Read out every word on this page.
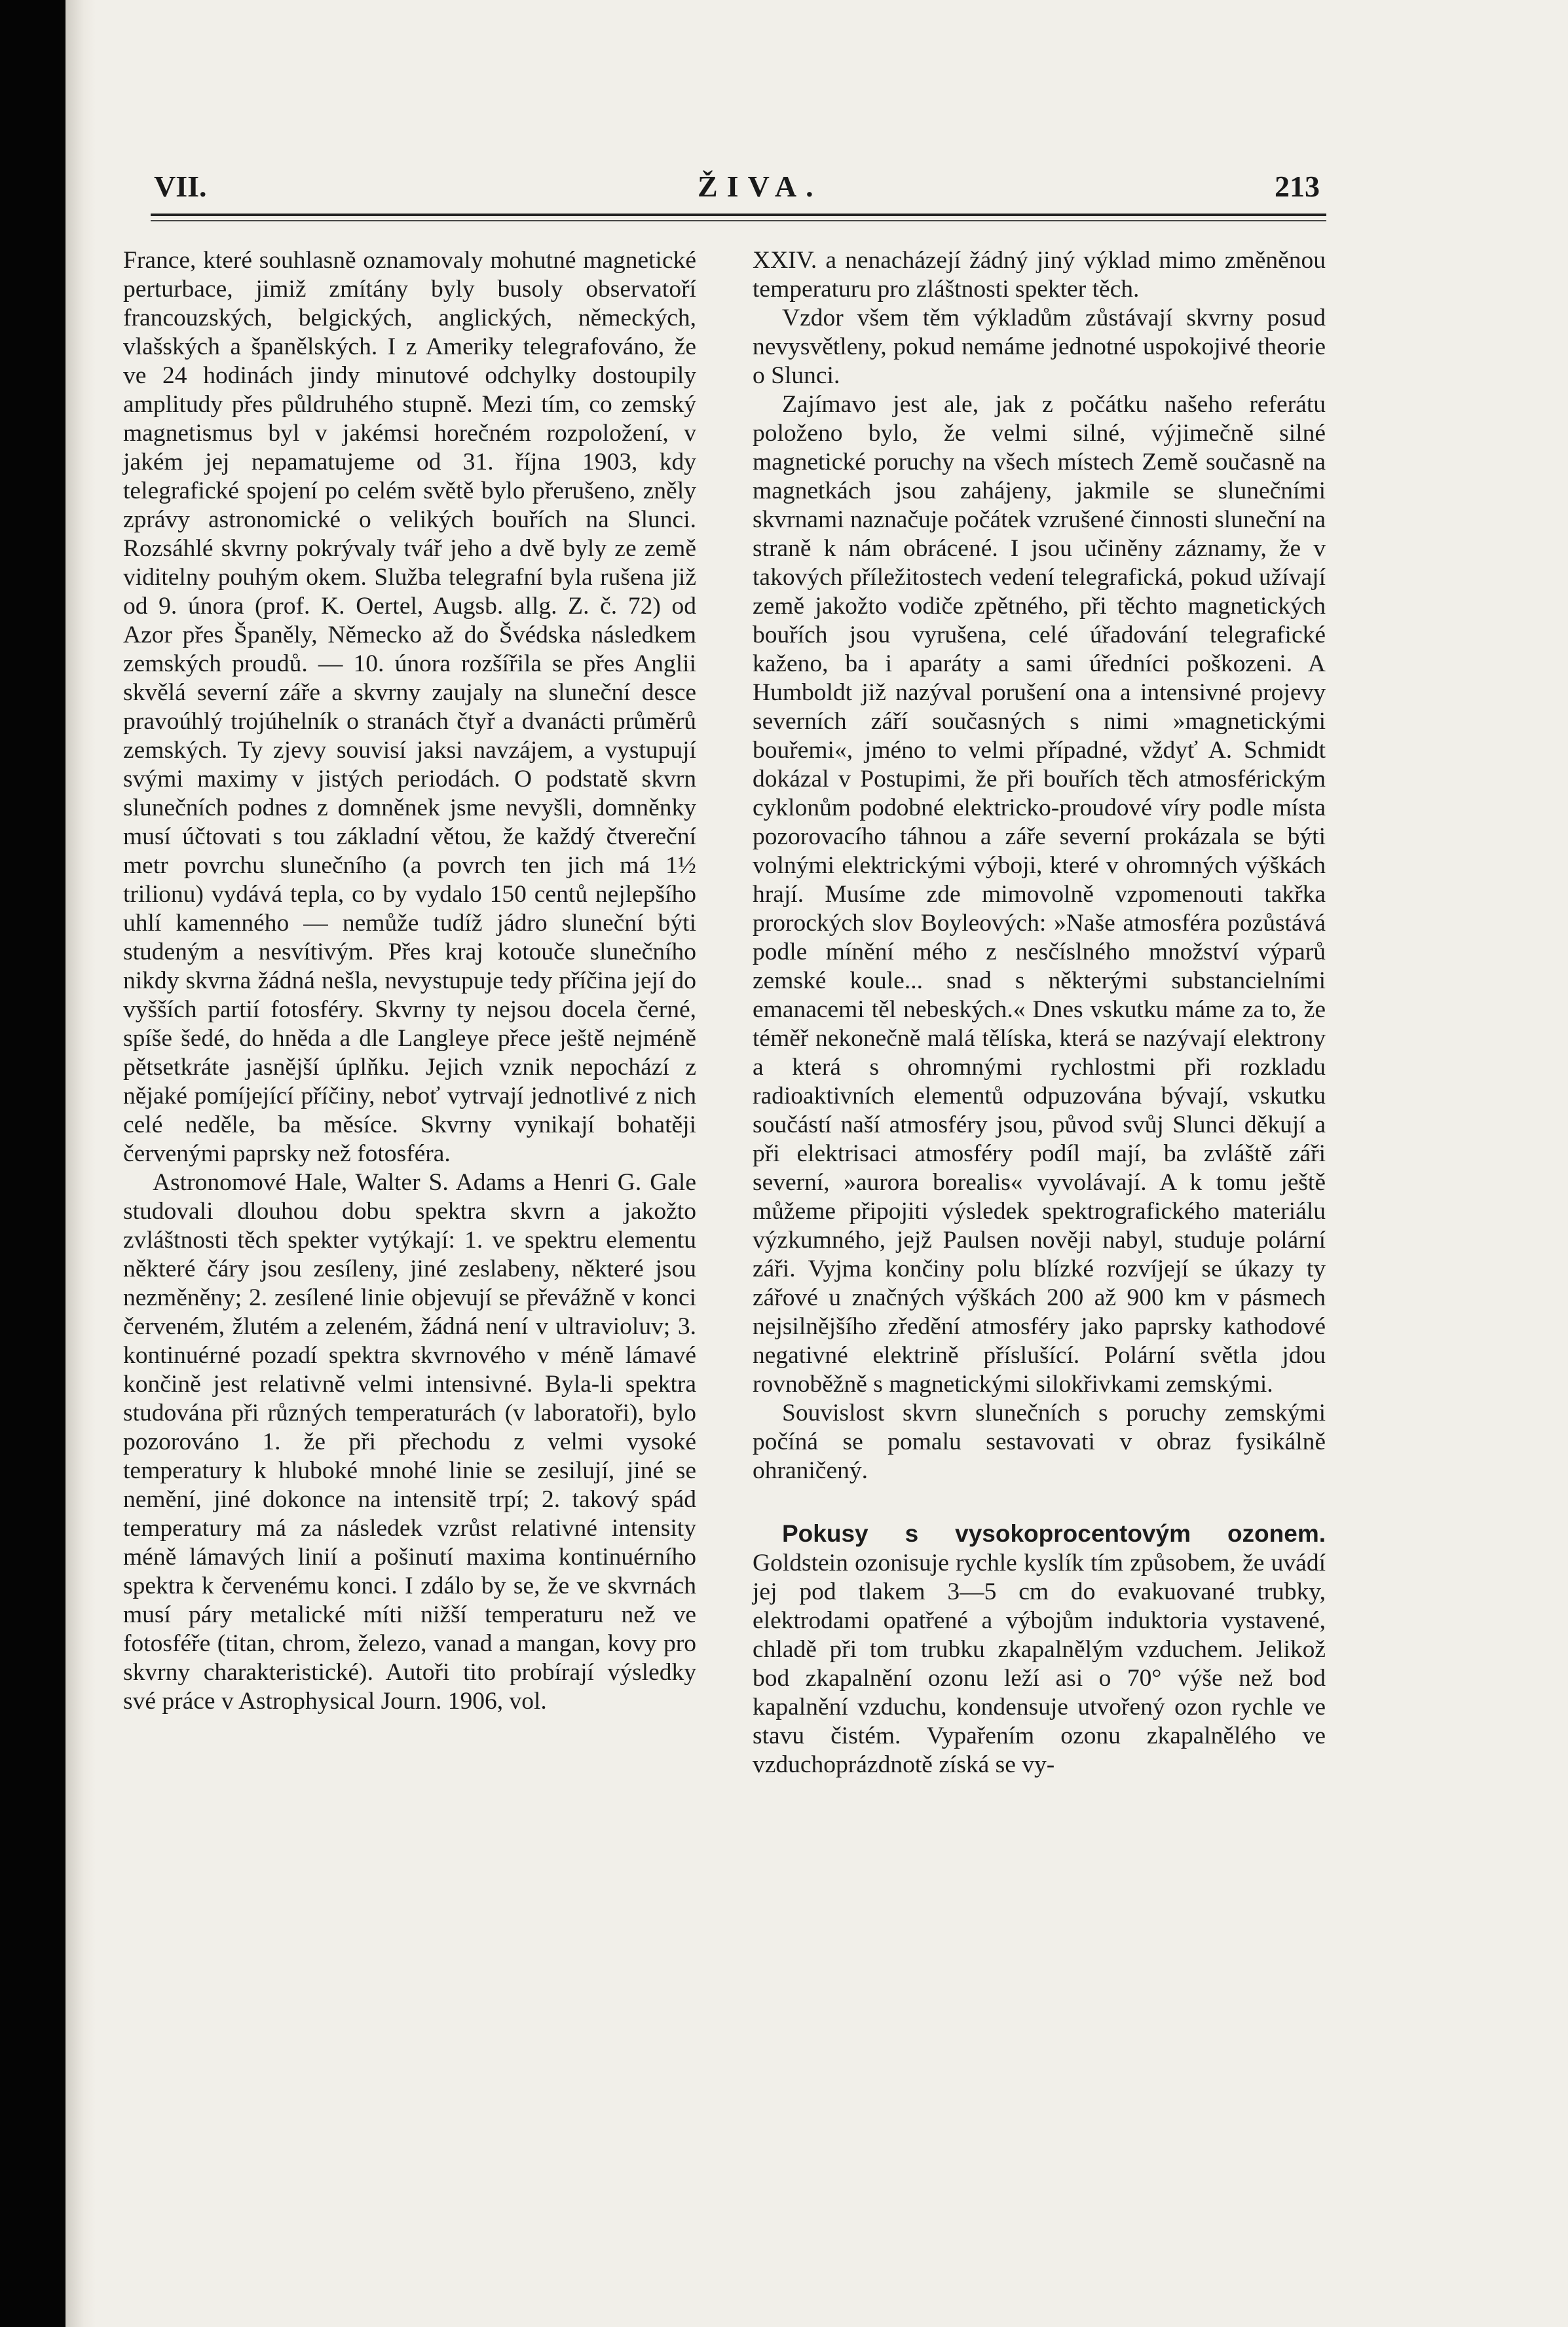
VII.	ŽIVA.	213

France, které souhlasně oznamovaly mohutné magnetické perturbace, jimiž zmítány byly busoly observatoří francouzských, belgických, anglických, německých, vlašských a španělských. I z Ameriky telegrafováno, že ve 24 hodinách jindy minutové odchylky dostoupily amplitudy přes půldruhého stupně. Mezi tím, co zemský magnetismus byl v jakémsi horečném rozpoložení, v jakém jej nepamatujeme od 31. října 1903, kdy telegrafické spojení po celém světě bylo přerušeno, zněly zprávy astronomické o velikých bouřích na Slunci. Rozsáhlé skvrny pokrývaly tvář jeho a dvě byly ze země viditelny pouhým okem. Služba telegrafní byla rušena již od 9. února (prof. K. Oertel, Augsb. allg. Z. č. 72) od Azor přes Španěly, Německo až do Švédska následkem zemských proudů. — 10. února rozšířila se přes Anglii skvělá severní záře a skvrny zaujaly na sluneční desce pravoúhlý trojúhelník o stranách čtyř a dvanácti průměrů zemských. Ty zjevy souvisí jaksi navzájem, a vystupují svými maximy v jistých periodách. O podstatě skvrn slunečních podnes z domněnek jsme nevyšli, domněnky musí účtovati s tou základní větou, že každý čtvereční metr povrchu slunečního (a povrch ten jich má 1½ trilionu) vydává tepla, co by vydalo 150 centů nejlepšího uhlí kamenného — nemůže tudíž jádro sluneční býti studeným a nesvítivým. Přes kraj kotouče slunečního nikdy skvrna žádná nešla, nevystupuje tedy příčina její do vyšších partií fotosféry. Skvrny ty nejsou docela černé, spíše šedé, do hněda a dle Langleye přece ještě nejméně pětsetkráte jasnější úplňku. Jejich vznik nepochází z nějaké pomíjející příčiny, neboť vytrvají jednotlivé z nich celé neděle, ba měsíce. Skvrny vynikají bohatěji červenými paprsky než fotosféra.

Astronomové Hale, Walter S. Adams a Henri G. Gale studovali dlouhou dobu spektra skvrn a jakožto zvláštnosti těch spekter vytýkají: 1. ve spektru elementu některé čáry jsou zesíleny, jiné zeslabeny, některé jsou nezměněny; 2. zesílené linie objevují se převážně v konci červeném, žlutém a zeleném, žádná není v ultravioluv; 3. kontinuérné pozadí spektra skvrnového v méně lámavé končině jest relativně velmi intensivné. Byla-li spektra studována při různých temperaturách (v laboratoři), bylo pozorováno 1. že při přechodu z velmi vysoké temperatury k hluboké mnohé linie se zesilují, jiné se nemění, jiné dokonce na intensitě trpí; 2. takový spád temperatury má za následek vzrůst relativné intensity méně lámavých linií a pošinutí maxima kontinuérního spektra k červenému konci. I zdálo by se, že ve skvrnách musí páry metalické míti nižší temperaturu než ve fotosféře (titan, chrom, železo, vanad a mangan, kovy pro skvrny charakteristické). Autoři tito probírají výsledky své práce v Astrophysical Journ. 1906, vol.

XXIV. a nenacházejí žádný jiný výklad mimo změněnou temperaturu pro zláštnosti spekter těch.

Vzdor všem těm výkladům zůstávají skvrny posud nevysvětleny, pokud nemáme jednotné uspokojivé theorie o Slunci.

Zajímavo jest ale, jak z počátku našeho referátu položeno bylo, že velmi silné, výjimečně silné magnetické poruchy na všech místech Země současně na magnetkách jsou zahájeny, jakmile se slunečními skvrnami naznačuje počátek vzrušené činnosti sluneční na straně k nám obrácené. I jsou učiněny záznamy, že v takových příležitostech vedení telegrafická, pokud užívají země jakožto vodiče zpětného, při těchto magnetických bouřích jsou vyrušena, celé úřadování telegrafické kaženo, ba i aparáty a sami úředníci poškozeni. A Humboldt již nazýval porušení ona a intensivné projevy severních září současných s nimi »magnetickými bouřemi«, jméno to velmi případné, vždyť A. Schmidt dokázal v Postupimi, že při bouřích těch atmosférickým cyklonům podobné elektricko-proudové víry podle místa pozorovacího táhnou a záře severní prokázala se býti volnými elektrickými výboji, které v ohromných výškách hrají. Musíme zde mimovolně vzpomenouti takřka prorockých slov Boyleových: »Naše atmosféra pozůstává podle mínění mého z nesčíslného množství výparů zemské koule... snad s některými substancielními emanacemi těl nebeských.« Dnes vskutku máme za to, že téměř nekonečně malá tělíska, která se nazývají elektrony a která s ohromnými rychlostmi při rozkladu radioaktivních elementů odpuzována bývají, vskutku součástí naší atmosféry jsou, původ svůj Slunci děkují a při elektrisaci atmosféry podíl mají, ba zvláště záři severní, »aurora borealis« vyvolávají. A k tomu ještě můžeme připojiti výsledek spektrografického materiálu výzkumného, jejž Paulsen nověji nabyl, studuje polární záři. Vyjma končiny polu blízké rozvíjejí se úkazy ty zářové u značných výškách 200 až 900 km v pásmech nejsilnějšího zředění atmosféry jako paprsky kathodové negativné elektrině příslušící. Polární světla jdou rovnoběžně s magnetickými silokřivkami zemskými.

Souvislost skvrn slunečních s poruchy zemskými počíná se pomalu sestavovati v obraz fysikálně ohraničený.

Pokusy s vysokoprocentovým ozonem. Goldstein ozonisuje rychle kyslík tím způsobem, že uvádí jej pod tlakem 3—5 cm do evakuované trubky, elektrodami opatřené a výbojům induktoria vystavené, chladě při tom trubku zkapalnělým vzduchem. Jelikož bod zkapalnění ozonu leží asi o 70° výše než bod kapalnění vzduchu, kondensuje utvořený ozon rychle ve stavu čistém. Vypařením ozonu zkapalnělého ve vzduchoprázdnotě získá se vy-
